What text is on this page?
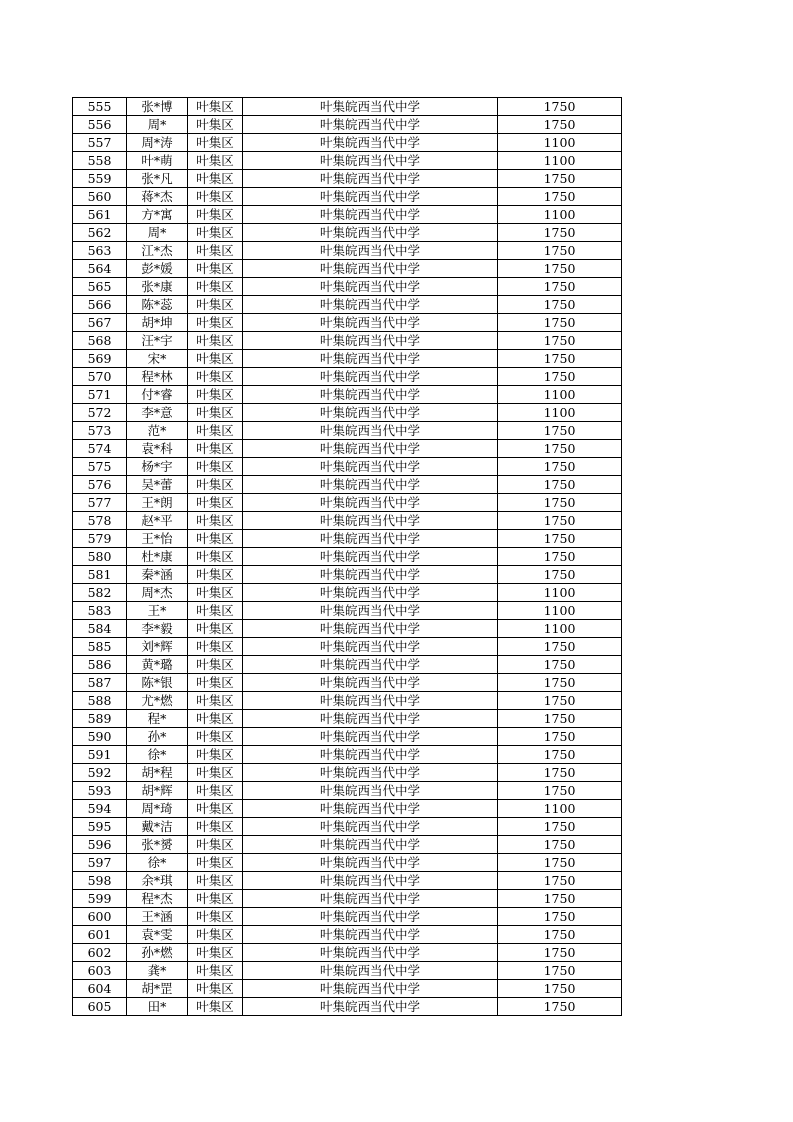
555	张*博	叶集区	叶集皖西当代中学	1750
556	周*	叶集区	叶集皖西当代中学	1750
557	周*涛	叶集区	叶集皖西当代中学	1100
558	叶*萌	叶集区	叶集皖西当代中学	1100
559	张*凡	叶集区	叶集皖西当代中学	1750
560	蒋*杰	叶集区	叶集皖西当代中学	1750
561	方*寓	叶集区	叶集皖西当代中学	1100
562	周*	叶集区	叶集皖西当代中学	1750
563	江*杰	叶集区	叶集皖西当代中学	1750
564	彭*媛	叶集区	叶集皖西当代中学	1750
565	张*康	叶集区	叶集皖西当代中学	1750
566	陈*蕊	叶集区	叶集皖西当代中学	1750
567	胡*坤	叶集区	叶集皖西当代中学	1750
568	汪*宇	叶集区	叶集皖西当代中学	1750
569	宋*	叶集区	叶集皖西当代中学	1750
570	程*林	叶集区	叶集皖西当代中学	1750
571	付*睿	叶集区	叶集皖西当代中学	1100
572	李*意	叶集区	叶集皖西当代中学	1100
573	范*	叶集区	叶集皖西当代中学	1750
574	袁*科	叶集区	叶集皖西当代中学	1750
575	杨*宇	叶集区	叶集皖西当代中学	1750
576	吴*蕾	叶集区	叶集皖西当代中学	1750
577	王*朗	叶集区	叶集皖西当代中学	1750
578	赵*平	叶集区	叶集皖西当代中学	1750
579	王*怡	叶集区	叶集皖西当代中学	1750
580	杜*康	叶集区	叶集皖西当代中学	1750
581	秦*涵	叶集区	叶集皖西当代中学	1750
582	周*杰	叶集区	叶集皖西当代中学	1100
583	王*	叶集区	叶集皖西当代中学	1100
584	李*毅	叶集区	叶集皖西当代中学	1100
585	刘*辉	叶集区	叶集皖西当代中学	1750
586	黄*璐	叶集区	叶集皖西当代中学	1750
587	陈*银	叶集区	叶集皖西当代中学	1750
588	尤*燃	叶集区	叶集皖西当代中学	1750
589	程*	叶集区	叶集皖西当代中学	1750
590	孙*	叶集区	叶集皖西当代中学	1750
591	徐*	叶集区	叶集皖西当代中学	1750
592	胡*程	叶集区	叶集皖西当代中学	1750
593	胡*辉	叶集区	叶集皖西当代中学	1750
594	周*琦	叶集区	叶集皖西当代中学	1100
595	戴*洁	叶集区	叶集皖西当代中学	1750
596	张*赟	叶集区	叶集皖西当代中学	1750
597	徐*	叶集区	叶集皖西当代中学	1750
598	余*琪	叶集区	叶集皖西当代中学	1750
599	程*杰	叶集区	叶集皖西当代中学	1750
600	王*涵	叶集区	叶集皖西当代中学	1750
601	袁*雯	叶集区	叶集皖西当代中学	1750
602	孙*燃	叶集区	叶集皖西当代中学	1750
603	龚*	叶集区	叶集皖西当代中学	1750
604	胡*罡	叶集区	叶集皖西当代中学	1750
605	田*	叶集区	叶集皖西当代中学	1750
